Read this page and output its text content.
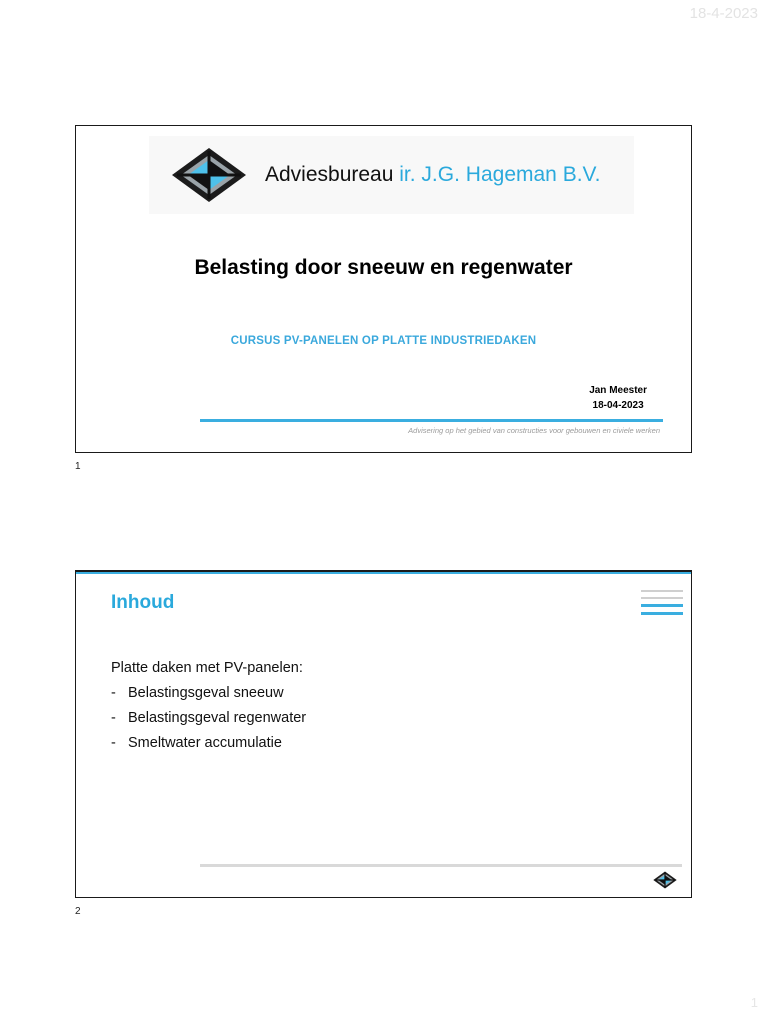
18-4-2023
Adviesbureau ir. J.G. Hageman B.V.
Belasting door sneeuw en regenwater
CURSUS PV-PANELEN OP PLATTE INDUSTRIEDAKEN
Jan Meester
18-04-2023
Advisering op het gebied van constructies voor gebouwen en civiele werken
1
Inhoud
Platte daken met PV-panelen:
- Belastingsgeval sneeuw
- Belastingsgeval regenwater
- Smeltwater accumulatie
2
1
